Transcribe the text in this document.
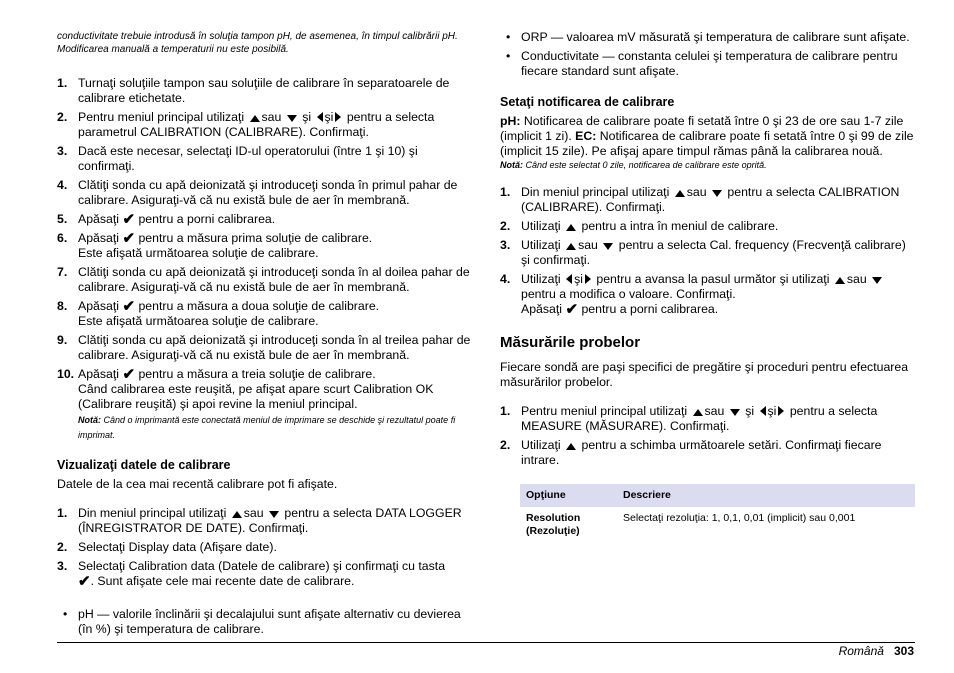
conductivitate trebuie introdusă în soluţia tampon pH, de asemenea, în timpul calibrării pH. Modificarea manuală a temperaturii nu este posibilă.

1. Turnaţi soluţiile tampon sau soluţiile de calibrare în separatoarele de calibrare etichetate.
2. Pentru meniul principal utilizaţi sau şi şi pentru a selecta parametrul CALIBRATION (CALIBRARE). Confirmaţi.
3. Dacă este necesar, selectaţi ID-ul operatorului (între 1 şi 10) şi confirmaţi.
4. Clătiţi sonda cu apă deionizată şi introduceţi sonda în primul pahar de calibrare. Asiguraţi-vă că nu există bule de aer în membrană.
5. Apăsaţi ✔ pentru a porni calibrarea.
6. Apăsaţi ✔ pentru a măsura prima soluţie de calibrare.
Este afişată următoarea soluţie de calibrare.
7. Clătiţi sonda cu apă deionizată şi introduceţi sonda în al doilea pahar de calibrare. Asiguraţi-vă că nu există bule de aer în membrană.
8. Apăsaţi ✔ pentru a măsura a doua soluţie de calibrare.
Este afişată următoarea soluţie de calibrare.
9. Clătiţi sonda cu apă deionizată şi introduceţi sonda în al treilea pahar de calibrare. Asiguraţi-vă că nu există bule de aer în membrană.
10. Apăsaţi ✔ pentru a măsura a treia soluţie de calibrare.
Când calibrarea este reuşită, pe afişat apare scurt Calibration OK (Calibrare reuşită) şi apoi revine la meniul principal.
Notă: Când o imprimantă este conectată meniul de imprimare se deschide şi rezultatul poate fi imprimat.
Vizualizaţi datele de calibrare

Datele de la cea mai recentă calibrare pot fi afişate.

1. Din meniul principal utilizaţi sau pentru a selecta DATA LOGGER (ÎNREGISTRATOR DE DATE). Confirmaţi.
2. Selectaţi Display data (Afişare date).
3. Selectaţi Calibration data (Datele de calibrare) şi confirmaţi cu tasta
✔. Sunt afişate cele mai recente date de calibrare.
• pH — valorile înclinării şi decalajului sunt afişate alternativ cu devierea (în %) şi temperatura de calibrare.
• ORP — valoarea mV măsurată şi temperatura de calibrare sunt afişate.
• Conductivitate — constanta celulei şi temperatura de calibrare pentru fiecare standard sunt afişate.
Setaţi notificarea de calibrare

pH: Notificarea de calibrare poate fi setată între 0 şi 23 de ore sau 1-7 zile (implicit 1 zi). EC: Notificarea de calibrare poate fi setată între 0 şi 99 de zile (implicit 15 zile). Pe afişaj apare timpul rămas până la calibrarea nouă.

Notă: Când este selectat 0 zile, notificarea de calibrare este oprită.

1. Din meniul principal utilizaţi sau pentru a selecta CALIBRATION (CALIBRARE). Confirmaţi.
2. Utilizaţi pentru a intra în meniul de calibrare.
3. Utilizaţi sau pentru a selecta Cal. frequency (Frecvenţă calibrare) şi confirmaţi.
4. Utilizaţi şi pentru a avansa la pasul următor şi utilizaţi sau  pentru a modifica o valoare. Confirmaţi.
Apăsaţi ✔ pentru a porni calibrarea.
Măsurările probelor

Fiecare sondă are paşi specifici de pregătire şi proceduri pentru efectuarea măsurărilor probelor.

1. Pentru meniul principal utilizaţi sau şi şi pentru a selecta MEASURE (MĂSURARE). Confirmaţi.
2. Utilizaţi pentru a schimba următoarele setări. Confirmaţi fiecare intrare.
Opţiune	Descriere
Resolution (Rezoluţie)	Selectaţi rezoluţia: 1, 0,1, 0,01 (implicit) sau 0,001
Română 303
